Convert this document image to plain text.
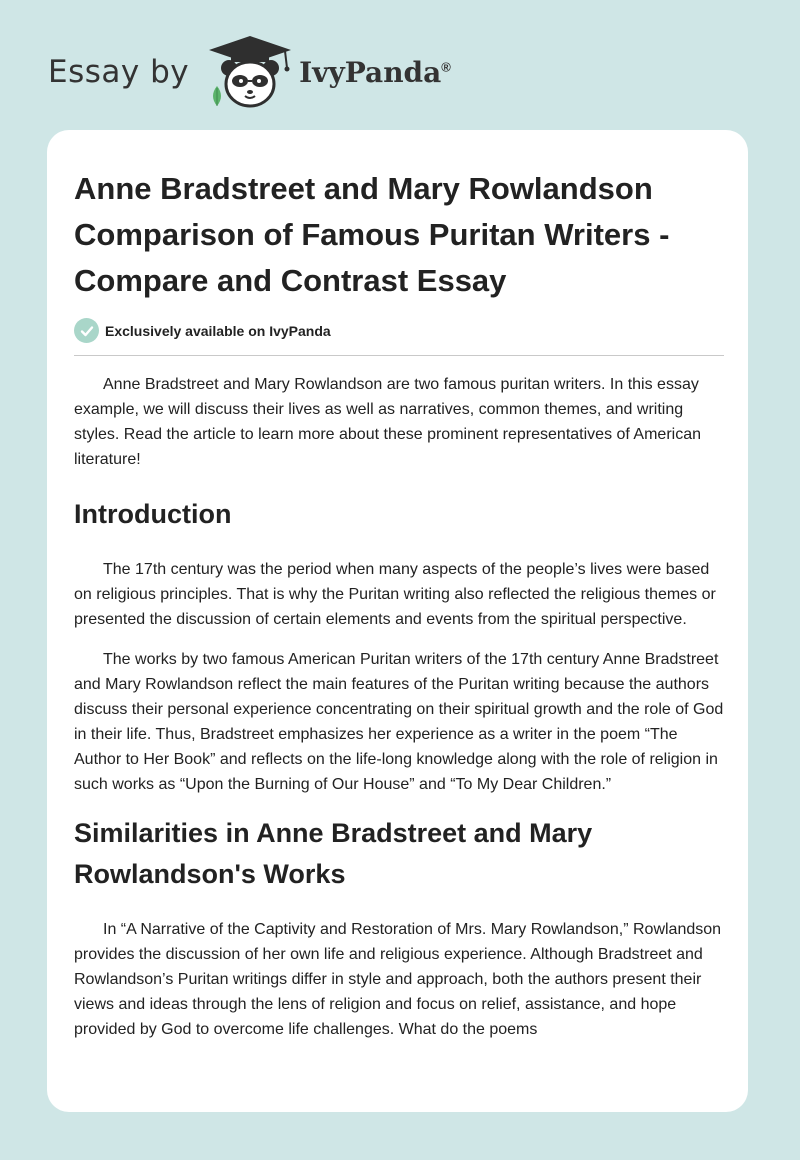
Essay by	IvyPanda®
Anne Bradstreet and Mary Rowlandson Comparison of Famous Puritan Writers - Compare and Contrast Essay
Exclusively available on IvyPanda

Anne Bradstreet and Mary Rowlandson are two famous puritan writers. In this essay example, we will discuss their lives as well as narratives, common themes, and writing styles. Read the article to learn more about these prominent representatives of American literature!

Introduction

The 17th century was the period when many aspects of the people’s lives were based on religious principles. That is why the Puritan writing also reflected the religious themes or presented the discussion of certain elements and events from the spiritual perspective.

The works by two famous American Puritan writers of the 17th century Anne Bradstreet and Mary Rowlandson reflect the main features of the Puritan writing because the authors discuss their personal experience concentrating on their spiritual growth and the role of God in their life. Thus, Bradstreet emphasizes her experience as a writer in the poem “The Author to Her Book” and reflects on the life-long knowledge along with the role of religion in such works as “Upon the Burning of Our House” and “To My Dear Children.”

Similarities in Anne Bradstreet and Mary Rowlandson's Works

In “A Narrative of the Captivity and Restoration of Mrs. Mary Rowlandson,” Rowlandson provides the discussion of her own life and religious experience. Although Bradstreet and Rowlandson’s Puritan writings differ in style and approach, both the authors present their views and ideas through the lens of religion and focus on relief, assistance, and hope provided by God to overcome life challenges. What do the poems
